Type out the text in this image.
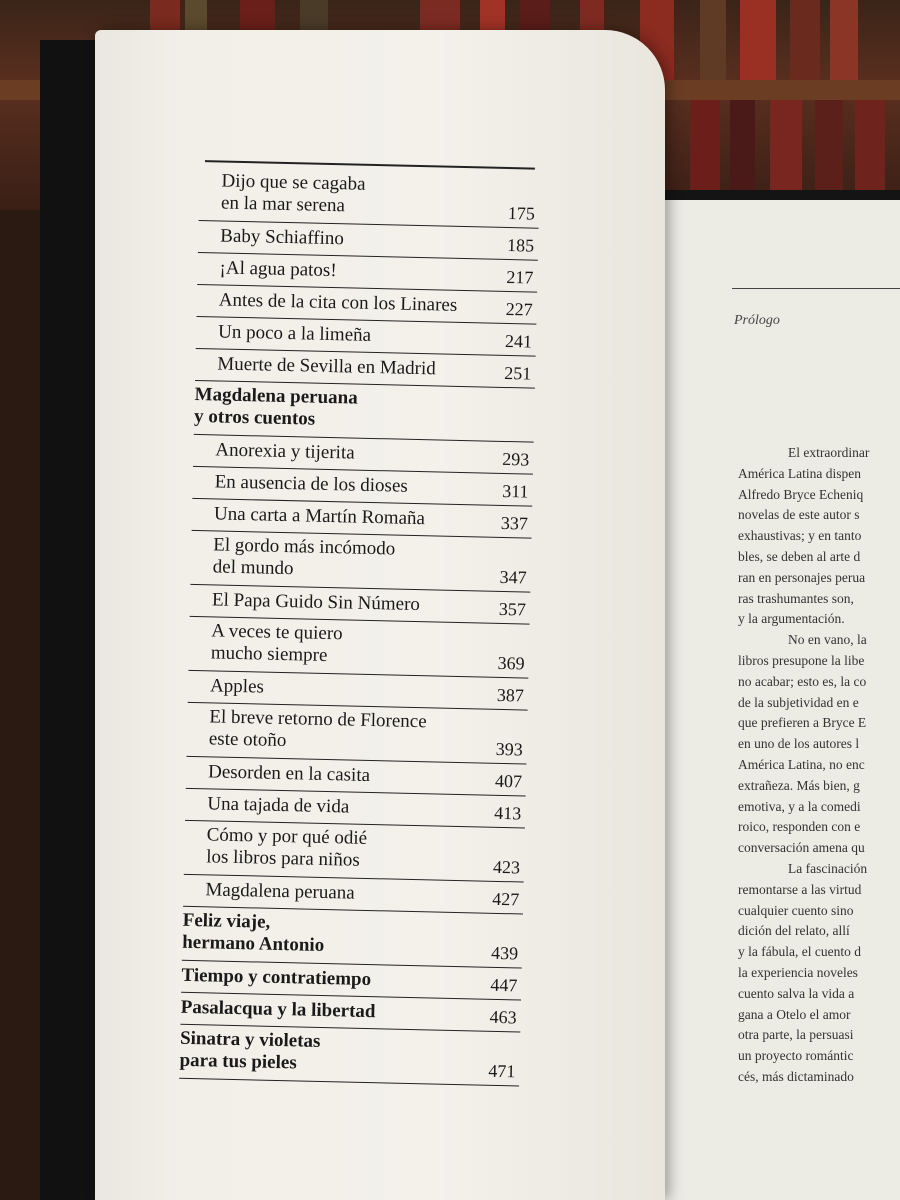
Prólogo
El extraordinar
América Latina dispen
Alfredo Bryce Echeniq
novelas de este autor s
exhaustivas; y en tanto
bles, se deben al arte d
ran en personajes perua
ras trashumantes son,
y la argumentación.
No en vano, la
libros presupone la libe
no acabar; esto es, la co
de la subjetividad en e
que prefieren a Bryce E
en uno de los autores l
América Latina, no enc
extrañeza. Más bien, g
emotiva, y a la comedi
roico, responden con e
conversación amena qu
La fascinación
remontarse a las virtud
cualquier cuento sino
dición del relato, allí
y la fábula, el cuento d
la experiencia noveles
cuento salva la vida a
gana a Otelo el amor
otra parte, la persuasi
un proyecto romántic
cés, más dictaminado
Dijo que se cagaba
en la mar serena	175
Baby Schiaffino	185
¡Al agua patos!	217
Antes de la cita con los Linares	227
Un poco a la limeña	241
Muerte de Sevilla en Madrid	251
Magdalena peruana
y otros cuentos
Anorexia y tijerita	293
En ausencia de los dioses	311
Una carta a Martín Romaña	337
El gordo más incómodo
del mundo	347
El Papa Guido Sin Número	357
A veces te quiero
mucho siempre	369
Apples	387
El breve retorno de Florence
este otoño	393
Desorden en la casita	407
Una tajada de vida	413
Cómo y por qué odié
los libros para niños	423
Magdalena peruana	427
Feliz viaje,
hermano Antonio	439
Tiempo y contratiempo	447
Pasalacqua y la libertad	463
Sinatra y violetas
para tus pieles	471
